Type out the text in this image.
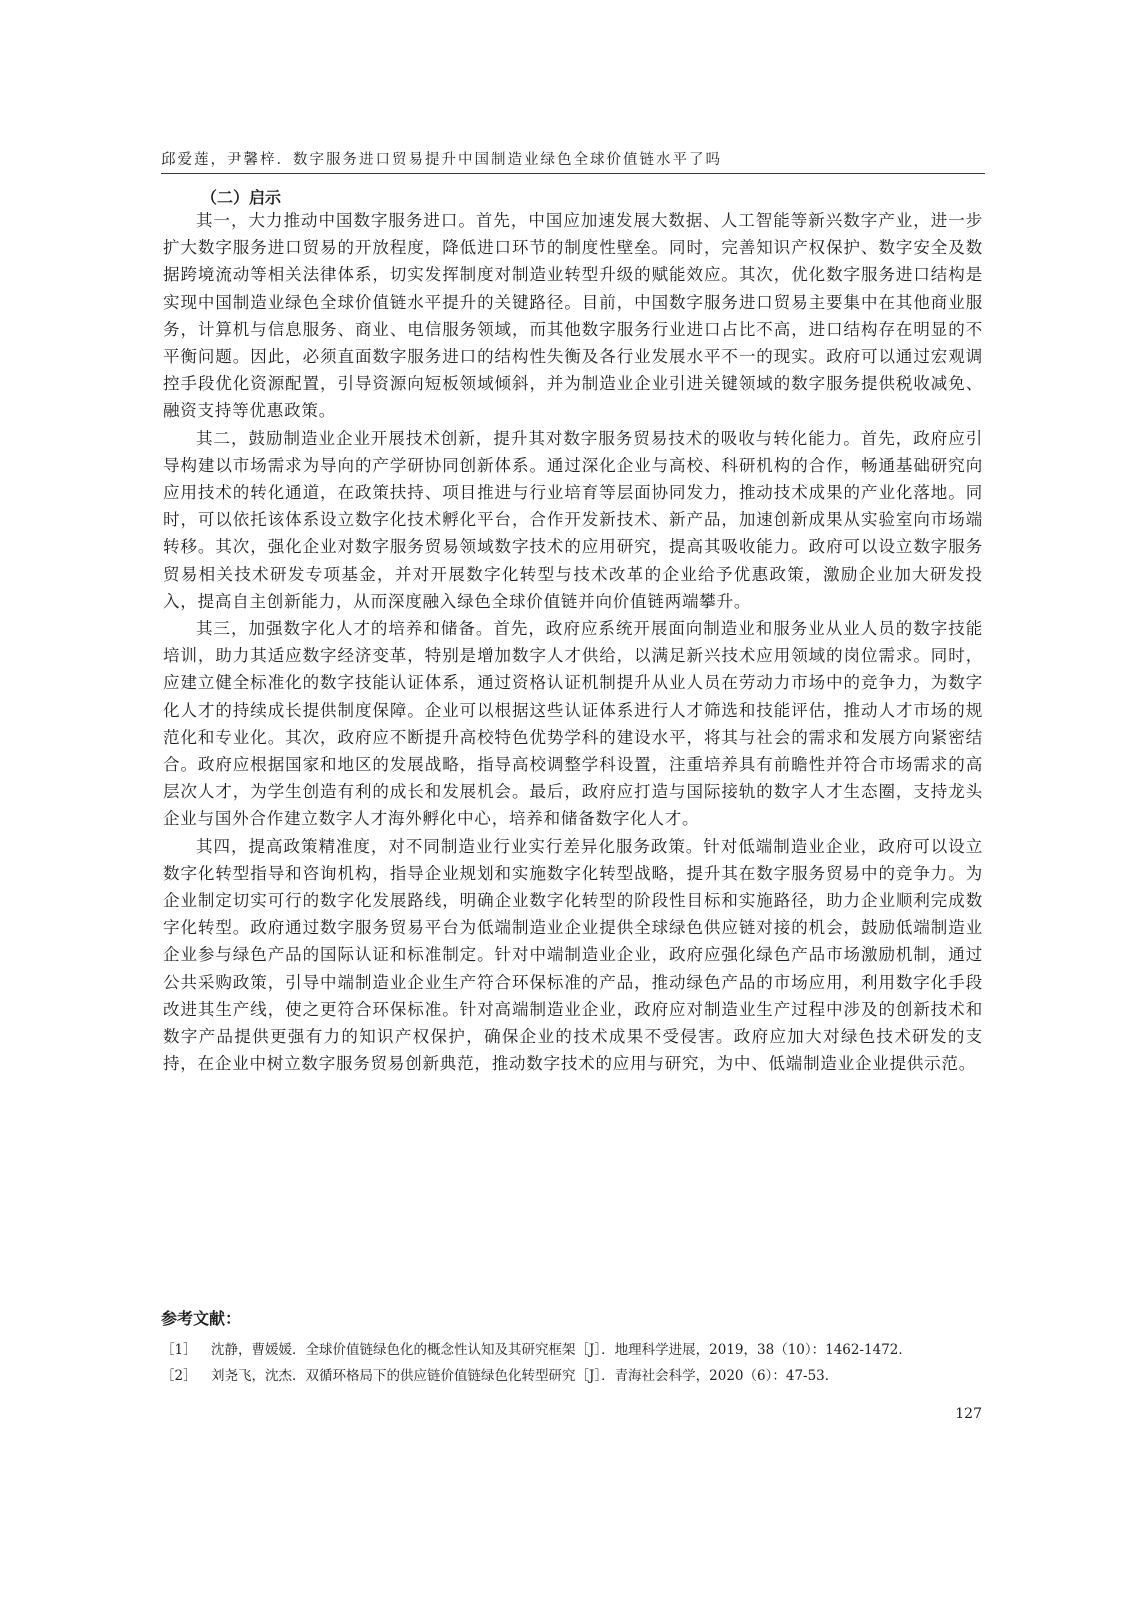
邱爱莲，尹馨梓．数字服务进口贸易提升中国制造业绿色全球价值链水平了吗
（二）启示

其一，大力推动中国数字服务进口。首先，中国应加速发展大数据、人工智能等新兴数字产业，进一步扩大数字服务进口贸易的开放程度，降低进口环节的制度性壁垒。同时，完善知识产权保护、数字安全及数据跨境流动等相关法律体系，切实发挥制度对制造业转型升级的赋能效应。其次，优化数字服务进口结构是实现中国制造业绿色全球价值链水平提升的关键路径。目前，中国数字服务进口贸易主要集中在其他商业服务，计算机与信息服务、商业、电信服务领域，而其他数字服务行业进口占比不高，进口结构存在明显的不平衡问题。因此，必须直面数字服务进口的结构性失衡及各行业发展水平不一的现实。政府可以通过宏观调控手段优化资源配置，引导资源向短板领域倾斜，并为制造业企业引进关键领域的数字服务提供税收减免、融资支持等优惠政策。

其二，鼓励制造业企业开展技术创新，提升其对数字服务贸易技术的吸收与转化能力。首先，政府应引导构建以市场需求为导向的产学研协同创新体系。通过深化企业与高校、科研机构的合作，畅通基础研究向应用技术的转化通道，在政策扶持、项目推进与行业培育等层面协同发力，推动技术成果的产业化落地。同时，可以依托该体系设立数字化技术孵化平台，合作开发新技术、新产品，加速创新成果从实验室向市场端转移。其次，强化企业对数字服务贸易领域数字技术的应用研究，提高其吸收能力。政府可以设立数字服务贸易相关技术研发专项基金，并对开展数字化转型与技术改革的企业给予优惠政策，激励企业加大研发投入，提高自主创新能力，从而深度融入绿色全球价值链并向价值链两端攀升。

其三，加强数字化人才的培养和储备。首先，政府应系统开展面向制造业和服务业从业人员的数字技能培训，助力其适应数字经济变革，特别是增加数字人才供给，以满足新兴技术应用领域的岗位需求。同时，应建立健全标准化的数字技能认证体系，通过资格认证机制提升从业人员在劳动力市场中的竞争力，为数字化人才的持续成长提供制度保障。企业可以根据这些认证体系进行人才筛选和技能评估，推动人才市场的规范化和专业化。其次，政府应不断提升高校特色优势学科的建设水平，将其与社会的需求和发展方向紧密结合。政府应根据国家和地区的发展战略，指导高校调整学科设置，注重培养具有前瞻性并符合市场需求的高层次人才，为学生创造有利的成长和发展机会。最后，政府应打造与国际接轨的数字人才生态圈，支持龙头企业与国外合作建立数字人才海外孵化中心，培养和储备数字化人才。

其四，提高政策精准度，对不同制造业行业实行差异化服务政策。针对低端制造业企业，政府可以设立数字化转型指导和咨询机构，指导企业规划和实施数字化转型战略，提升其在数字服务贸易中的竞争力。为企业制定切实可行的数字化发展路线，明确企业数字化转型的阶段性目标和实施路径，助力企业顺利完成数字化转型。政府通过数字服务贸易平台为低端制造业企业提供全球绿色供应链对接的机会，鼓励低端制造业企业参与绿色产品的国际认证和标准制定。针对中端制造业企业，政府应强化绿色产品市场激励机制，通过公共采购政策，引导中端制造业企业生产符合环保标准的产品，推动绿色产品的市场应用，利用数字化手段改进其生产线，使之更符合环保标准。针对高端制造业企业，政府应对制造业生产过程中涉及的创新技术和数字产品提供更强有力的知识产权保护，确保企业的技术成果不受侵害。政府应加大对绿色技术研发的支持，在企业中树立数字服务贸易创新典范，推动数字技术的应用与研究，为中、低端制造业企业提供示范。

参考文献：
［1］ 沈静，曹媛媛．全球价值链绿色化的概念性认知及其研究框架［J］．地理科学进展，2019，38（10）：1462-1472．
［2］ 刘尧飞，沈杰．双循环格局下的供应链价值链绿色化转型研究［J］．青海社会科学，2020（6）：47-53．
127
